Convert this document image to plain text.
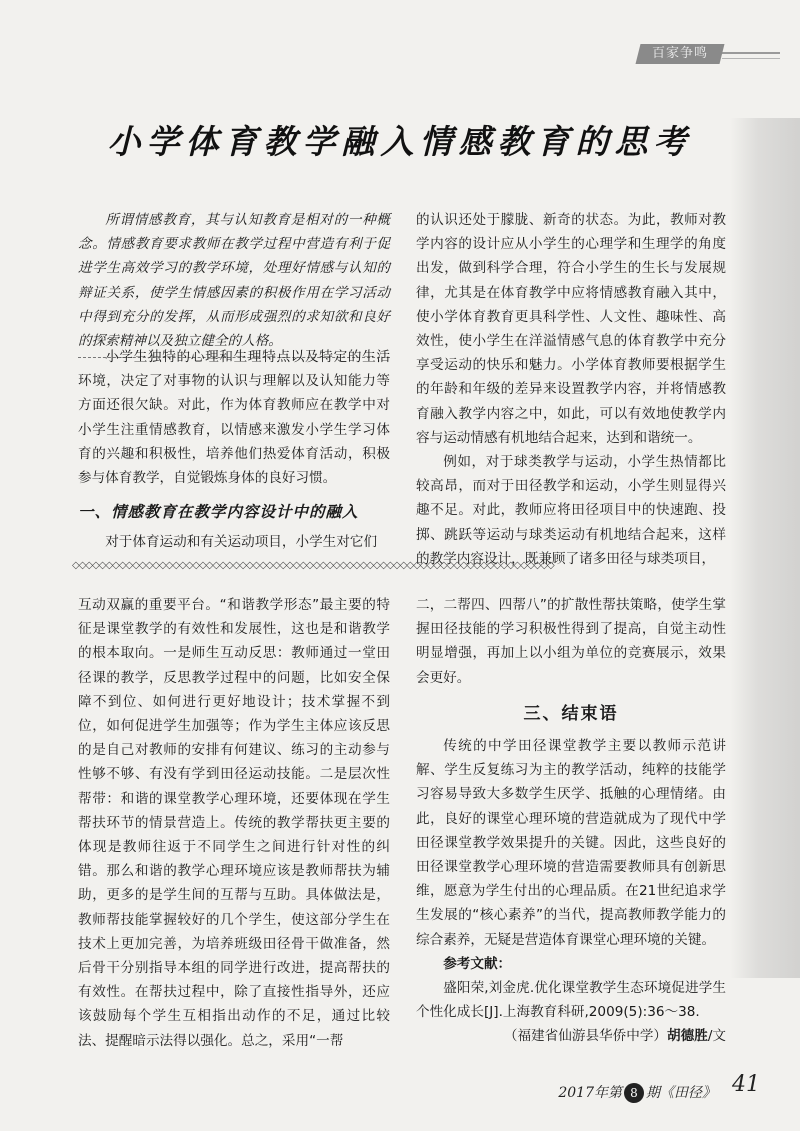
百家争鸣
小学体育教学融入情感教育的思考

所谓情感教育，其与认知教育是相对的一种概念。情感教育要求教师在教学过程中营造有利于促进学生高效学习的教学环境，处理好情感与认知的辩证关系，使学生情感因素的积极作用在学习活动中得到充分的发挥，从而形成强烈的求知欲和良好的探索精神以及独立健全的人格。

小学生独特的心理和生理特点以及特定的生活环境，决定了对事物的认识与理解以及认知能力等方面还很欠缺。对此，作为体育教师应在教学中对小学生注重情感教育，以情感来激发小学生学习体育的兴趣和积极性，培养他们热爱体育活动，积极参与体育教学，自觉锻炼身体的良好习惯。

一、情感教育在教学内容设计中的融入

对于体育运动和有关运动项目，小学生对它们

的认识还处于朦胧、新奇的状态。为此，教师对教学内容的设计应从小学生的心理学和生理学的角度出发，做到科学合理，符合小学生的生长与发展规律，尤其是在体育教学中应将情感教育融入其中，使小学体育教育更具科学性、人文性、趣味性、高效性，使小学生在洋溢情感气息的体育教学中充分享受运动的快乐和魅力。小学体育教师要根据学生的年龄和年级的差异来设置教学内容，并将情感教育融入教学内容之中，如此，可以有效地使教学内容与运动情感有机地结合起来，达到和谐统一。

例如，对于球类教学与运动，小学生热情都比较高昂，而对于田径教学和运动，小学生则显得兴趣不足。对此，教师应将田径项目中的快速跑、投掷、跳跃等运动与球类运动有机地结合起来，这样的教学内容设计，既兼顾了诸多田径与球类项目，

◇◇◇◇◇◇◇◇◇◇◇◇◇◇◇◇◇◇◇◇◇◇◇◇◇◇◇◇◇◇◇◇◇◇◇◇◇◇◇◇◇◇◇◇◇◇◇◇◇◇◇◇◇◇◇◇◇◇◇◇◇◇◇◇◇◇◇◇◇◇◇◇

互动双赢的重要平台。“和谐教学形态”最主要的特征是课堂教学的有效性和发展性，这也是和谐教学的根本取向。一是师生互动反思：教师通过一堂田径课的教学，反思教学过程中的问题，比如安全保障不到位、如何进行更好地设计；技术掌握不到位，如何促进学生加强等；作为学生主体应该反思的是自己对教师的安排有何建议、练习的主动参与性够不够、有没有学到田径运动技能。二是层次性帮带：和谐的课堂教学心理环境，还要体现在学生帮扶环节的情景营造上。传统的教学帮扶更主要的体现是教师往返于不同学生之间进行针对性的纠错。那么和谐的教学心理环境应该是教师帮扶为辅助，更多的是学生间的互帮与互助。具体做法是，教师帮技能掌握较好的几个学生，使这部分学生在技术上更加完善，为培养班级田径骨干做准备，然后骨干分别指导本组的同学进行改进，提高帮扶的有效性。在帮扶过程中，除了直接性指导外，还应该鼓励每个学生互相指出动作的不足，通过比较法、提醒暗示法得以强化。总之，采用“一帮

二，二帮四、四帮八”的扩散性帮扶策略，使学生掌握田径技能的学习积极性得到了提高，自觉主动性明显增强，再加上以小组为单位的竞赛展示，效果会更好。

三、结束语

传统的中学田径课堂教学主要以教师示范讲解、学生反复练习为主的教学活动，纯粹的技能学习容易导致大多数学生厌学、抵触的心理情绪。由此，良好的课堂心理环境的营造就成为了现代中学田径课堂教学效果提升的关键。因此，这些良好的田径课堂教学心理环境的营造需要教师具有创新思维，愿意为学生付出的心理品质。在21世纪追求学生发展的“核心素养”的当代，提高教师教学能力的综合素养，无疑是营造体育课堂心理环境的关键。

参考文献：

盛阳荣,刘金虎.优化课堂教学生态环境促进学生个性化成长[J].上海教育科研,2009(5):36～38.

（福建省仙游县华侨中学）胡德胜/文
2017年第 8 期《田径》 41
